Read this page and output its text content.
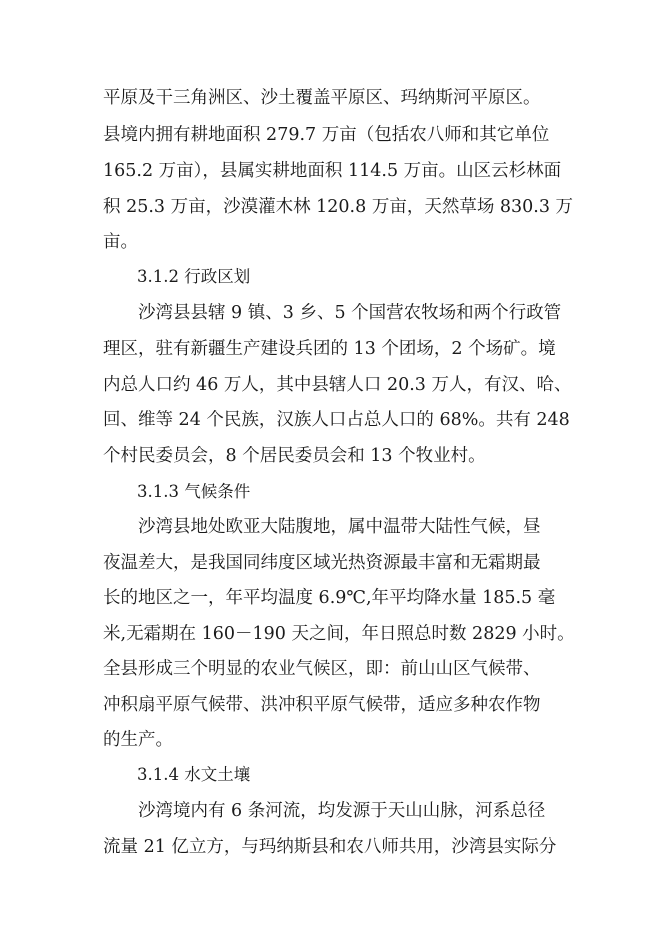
平原及干三角洲区、沙土覆盖平原区、玛纳斯河平原区。
县境内拥有耕地面积 279.7 万亩（包括农八师和其它单位
165.2 万亩），县属实耕地面积 114.5 万亩。山区云杉林面
积 25.3 万亩，沙漠灌木林 120.8 万亩，天然草场 830.3 万
亩。
3.1.2 行政区划
沙湾县县辖 9 镇、3 乡、5 个国营农牧场和两个行政管
理区，驻有新疆生产建设兵团的 13 个团场，2 个场矿。境
内总人口约 46 万人，其中县辖人口 20.3 万人，有汉、哈、
回、维等 24 个民族，汉族人口占总人口的 68%。共有 248
个村民委员会，8 个居民委员会和 13 个牧业村。
3.1.3 气候条件
沙湾县地处欧亚大陆腹地，属中温带大陆性气候，昼
夜温差大，是我国同纬度区域光热资源最丰富和无霜期最
长的地区之一，年平均温度 6.9℃,年平均降水量 185.5 毫
米,无霜期在 160－190 天之间，年日照总时数 2829 小时。
全县形成三个明显的农业气候区，即：前山山区气候带、
冲积扇平原气候带、洪冲积平原气候带，适应多种农作物
的生产。
3.1.4 水文土壤
沙湾境内有 6 条河流，均发源于天山山脉，河系总径
流量 21 亿立方，与玛纳斯县和农八师共用，沙湾县实际分
